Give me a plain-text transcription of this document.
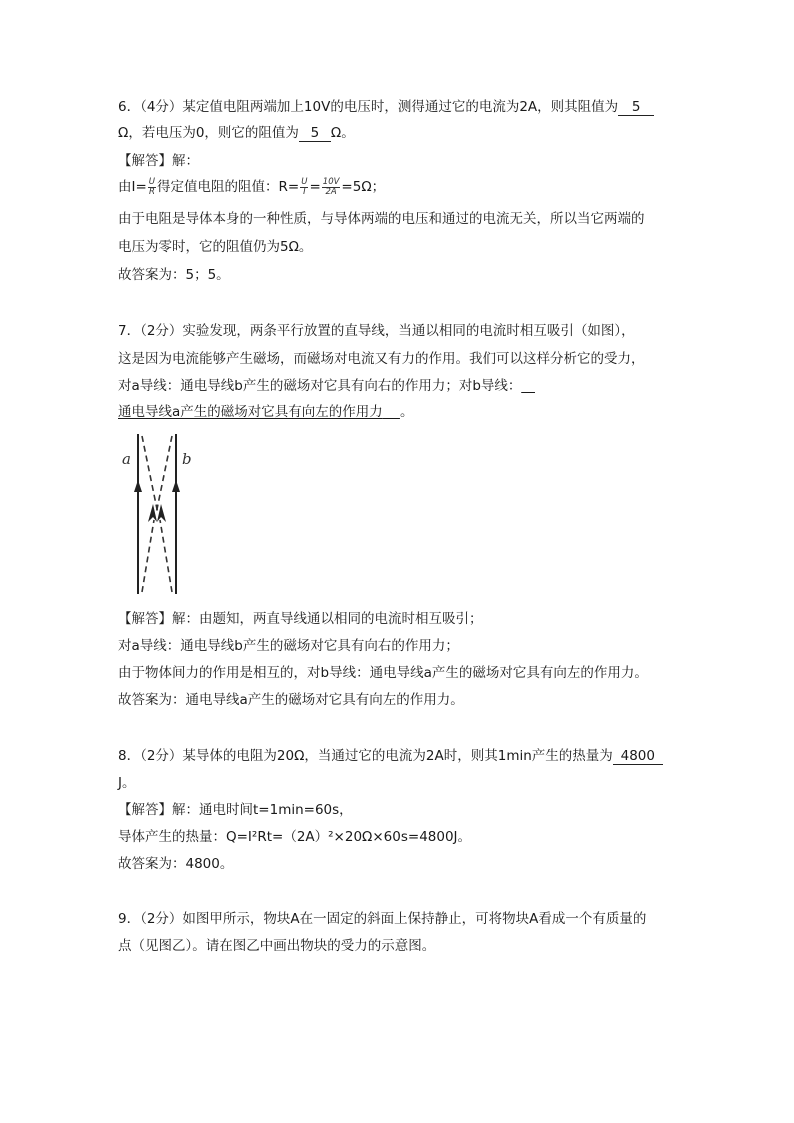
6．（4分）某定值电阻两端加上10V的电压时，测得通过它的电流为2A，则其阻值为 5
Ω，若电压为0，则它的阻值为 5 Ω。
【解答】解：
由$I= \frac{U}{R}$ 得定值电阻的阻值：$R= \frac{U}{I} = \frac{10V}{2A} =5\Omega$；
由于电阻是导体本身的一种性质，与导体两端的电压和通过的电流无关，所以当它两端的
电压为零时，它的阻值仍为5Ω。
故答案为：5；5。
7．（2分）实验发现，两条平行放置的直导线，当通以相同的电流时相互吸引（如图），
这是因为电流能够产生磁场，而磁场对电流又有力的作用。我们可以这样分析它的受力，
对a导线：通电导线b产生的磁场对它具有向右的作用力；对b导线：__
通电导线a产生的磁场对它具有向左的作用力 。
a	b
【解答】解：由题知，两直导线通以相同的电流时相互吸引；
对a导线：通电导线b产生的磁场对它具有向右的作用力；
由于物体间力的作用是相互的，对b导线：通电导线a产生的磁场对它具有向左的作用力。
故答案为：通电导线a产生的磁场对它具有向左的作用力。
8．（2分）某导体的电阻为20Ω，当通过它的电流为2A时，则其1min产生的热量为 4800
J。
【解答】解：通电时间t=1min=60s，
导体产生的热量：Q=I²Rt=（2A）²×20Ω×60s=4800J。
故答案为：4800。
9．（2分）如图甲所示，物块A在一固定的斜面上保持静止，可将物块A看成一个有质量的
点（见图乙）。请在图乙中画出物块的受力的示意图。
